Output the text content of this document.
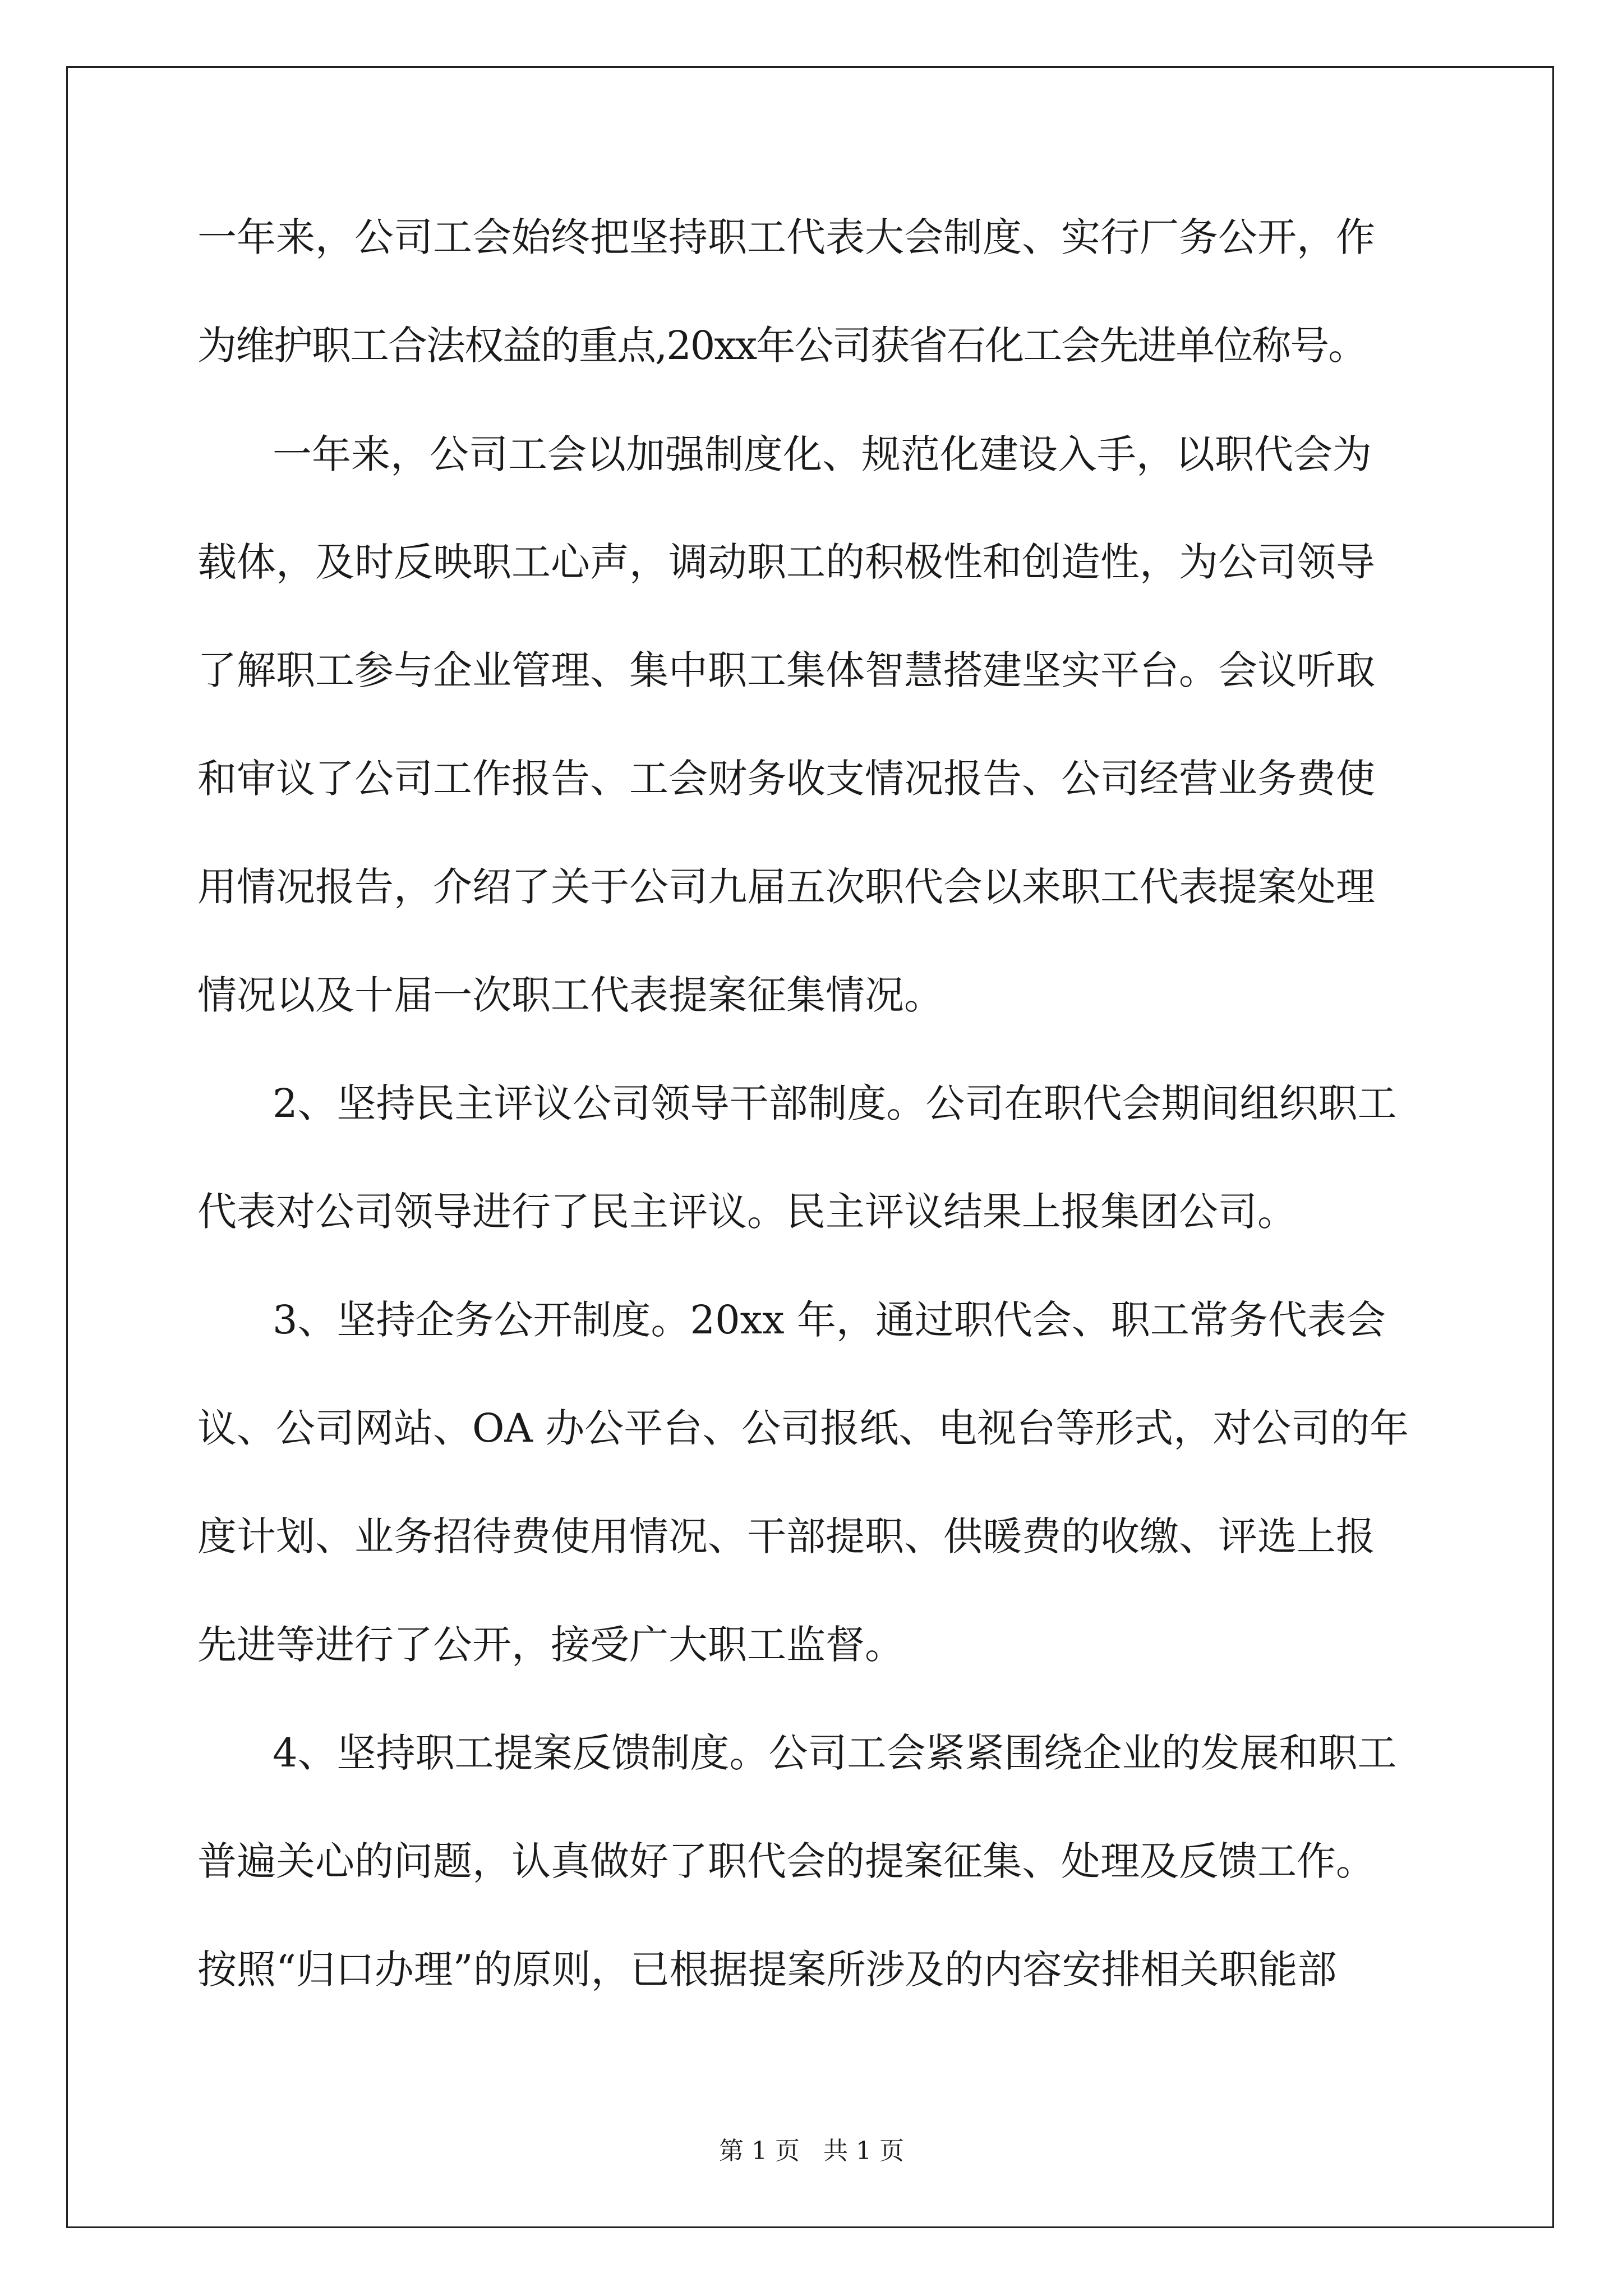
一年来，公司工会始终把坚持职工代表大会制度、实行厂务公开，作
为维护职工合法权益的重点,20xx年公司获省石化工会先进单位称号。
一年来，公司工会以加强制度化、规范化建设入手，以职代会为
载体，及时反映职工心声，调动职工的积极性和创造性，为公司领导
了解职工参与企业管理、集中职工集体智慧搭建坚实平台。会议听取
和审议了公司工作报告、工会财务收支情况报告、公司经营业务费使
用情况报告，介绍了关于公司九届五次职代会以来职工代表提案处理
情况以及十届一次职工代表提案征集情况。
2、坚持民主评议公司领导干部制度。公司在职代会期间组织职工
代表对公司领导进行了民主评议。民主评议结果上报集团公司。
3、坚持企务公开制度。20xx 年，通过职代会、职工常务代表会
议、公司网站、OA 办公平台、公司报纸、电视台等形式，对公司的年
度计划、业务招待费使用情况、干部提职、供暖费的收缴、评选上报
先进等进行了公开，接受广大职工监督。
4、坚持职工提案反馈制度。公司工会紧紧围绕企业的发展和职工
普遍关心的问题，认真做好了职代会的提案征集、处理及反馈工作。
按照“归口办理”的原则，已根据提案所涉及的内容安排相关职能部
第 1 页   共 1 页
